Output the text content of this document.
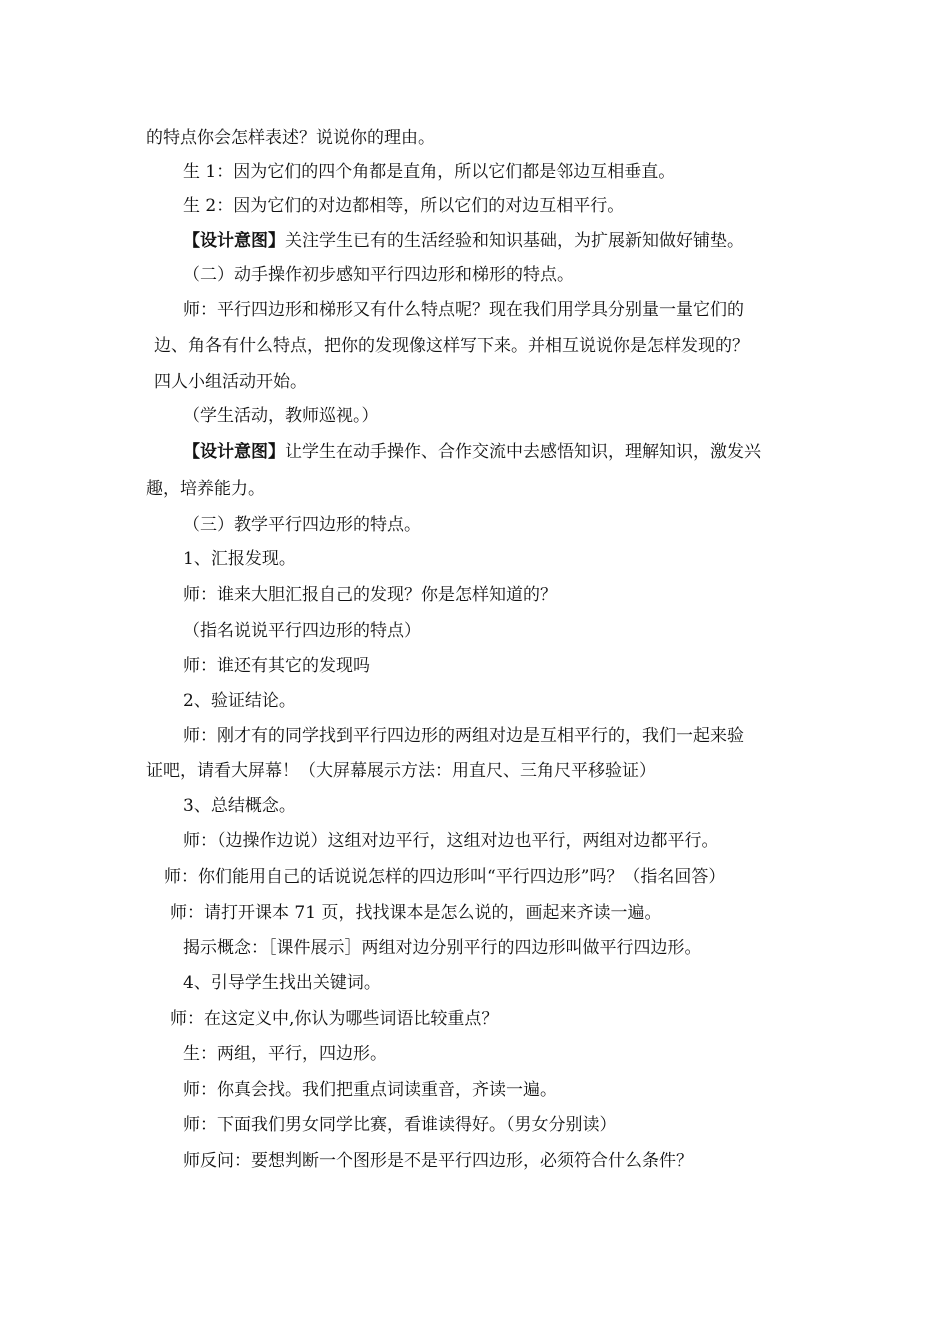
的特点你会怎样表述？说说你的理由。
生 1：因为它们的四个角都是直角，所以它们都是邻边互相垂直。
生 2：因为它们的对边都相等，所以它们的对边互相平行。
【设计意图】关注学生已有的生活经验和知识基础，为扩展新知做好铺垫。
（二）动手操作初步感知平行四边形和梯形的特点。
师：平行四边形和梯形又有什么特点呢？现在我们用学具分别量一量它们的
边、角各有什么特点，把你的发现像这样写下来。并相互说说你是怎样发现的？
四人小组活动开始。
（学生活动，教师巡视。）
【设计意图】让学生在动手操作、合作交流中去感悟知识，理解知识，激发兴
趣，培养能力。
（三）教学平行四边形的特点。
1、汇报发现。
师：谁来大胆汇报自己的发现？你是怎样知道的？
（指名说说平行四边形的特点）
师：谁还有其它的发现吗
2、验证结论。
师：刚才有的同学找到平行四边形的两组对边是互相平行的，我们一起来验
证吧，请看大屏幕！（大屏幕展示方法：用直尺、三角尺平移验证）
3、总结概念。
师：（边操作边说）这组对边平行，这组对边也平行，两组对边都平行。
师：你们能用自己的话说说怎样的四边形叫“平行四边形”吗？（指名回答）
师：请打开课本 71 页，找找课本是怎么说的，画起来齐读一遍。
揭示概念：［课件展示］两组对边分别平行的四边形叫做平行四边形。
4、引导学生找出关键词。
师：在这定义中,你认为哪些词语比较重点？
生：两组，平行，四边形。
师：你真会找。我们把重点词读重音，齐读一遍。
师：下面我们男女同学比赛，看谁读得好。（男女分别读）
师反问：要想判断一个图形是不是平行四边形，必须符合什么条件？
